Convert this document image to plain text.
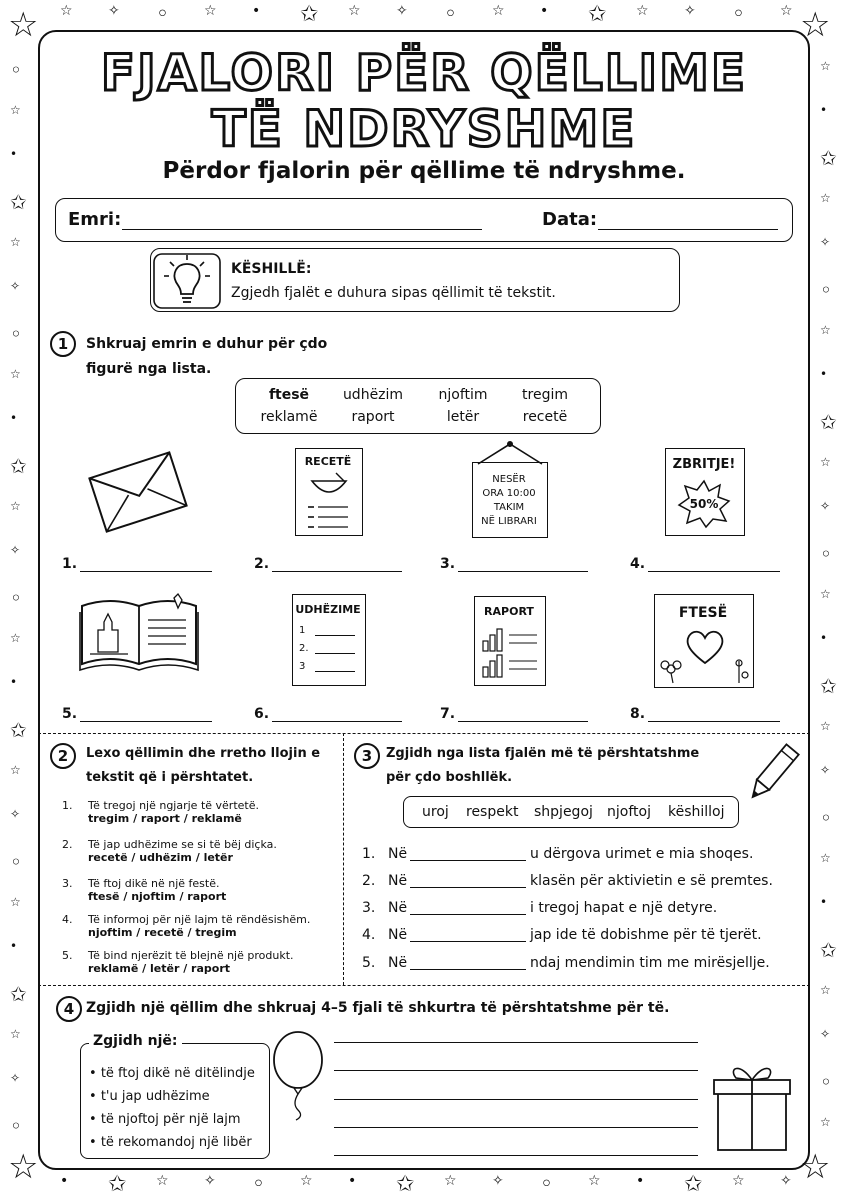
☆	✧ ◦	☆	• ✩ ☆	✧ ◦	☆	• ✩ ☆	✧ ◦	☆
• ✩ ☆	✧ ◦	☆	• ✩ ☆	✧ ◦	☆	• ✩ ☆	✧
◦
☆
•
✩
☆
✧
◦
☆
•
✩
☆
✧
◦
☆
•
✩
☆
✧
◦
☆
•
✩
☆
✧
◦
☆
•
✩
☆
✧
◦
☆
•
✩
☆
✧
◦
☆
•
✩
☆
✧
◦
☆
•
✩
☆
✧
◦
☆
☆	☆
☆	☆
FJALORI PËR QËLLIME
TË NDRYSHME
Përdor fjalorin për qëllime të ndryshme.
Emri:	Data:
KËSHILLË:
Zgjedh fjalët e duhura sipas qëllimit të tekstit.
1	Shkruaj emrin e duhur për çdo
figurë nga lista.
ftesë	udhëzim	njoftim	tregim
reklamë	raport	letër	recetë
RECETË
NESËR
ORA 10:00
TAKIM
NË LIBRARI
ZBRITJE!
50%
UDHËZIME
1
2.
3
RAPORT	FTESË
1.	2.	3.	4.
5.	6.	7.	8.
2	Lexo qëllimin dhe rretho llojin e
tekstit që i përshtatet.
1. Të tregoj një ngjarje të vërtetë.
tregim / raport / reklamë
2. Të jap udhëzime se si të bëj diçka.
recetë / udhëzim / letër
3. Të ftoj dikë në një festë.
ftesë / njoftim / raport
4. Të informoj për një lajm të rëndësishëm.
njoftim / recetë / tregim
5. Të bind njerëzit të blejnë një produkt.
reklamë / letër / raport
3	Zgjidh nga lista fjalën më të përshtatshme
për çdo boshllëk.
uroj respekt shpjegoj njoftoj këshilloj
1. Në	u dërgova urimet e mia shoqes.
2. Në	klasën për aktivietin e së premtes.
3. Në	i tregoj hapat e një detyre.
4. Në	jap ide të dobishme për të tjerët.
5. Në	ndaj mendimin tim me mirësjellje.
4 Zgjidh një qëllim dhe shkruaj 4–5 fjali të shkurtra të përshtatshme për të.
Zgjidh një:
• të ftoj dikë në ditëlindje
• t'u jap udhëzime
• të njoftoj për një lajm
• të rekomandoj një libër
